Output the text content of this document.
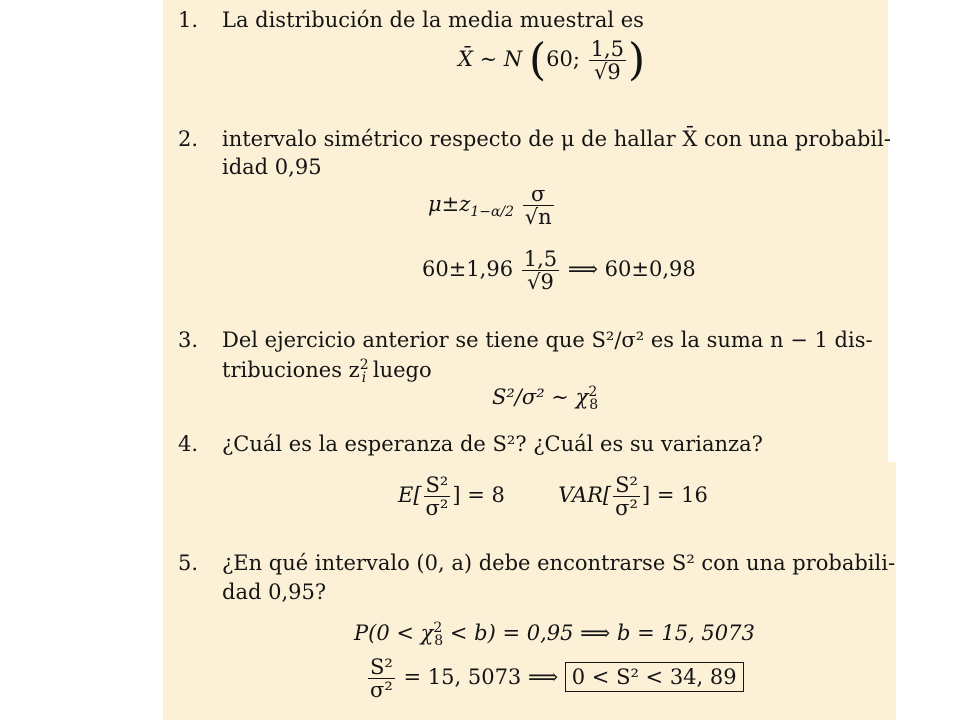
1. La distribución de la media muestral es
X̄ ∼ N (60; $\frac{1,5}{√9}$ )
2. intervalo simétrico respecto de μ de hallar X̄ con una probabil-
idad 0,95
$\mu\pm z_{1-\alpha/2} \frac{\sigma}{√n}$
$60\pm 1,96 \frac{1,5}{√9}$ ⟹ 60±0,98
3. Del ejercicio anterior se tiene que S²/σ² es la suma n − 1 dis-
tribuciones $z^2_i$ luego
S²/σ² ∼ $\chi^2_8$
4. ¿Cuál es la esperanza de S²? ¿Cuál es su varianza?
$E[ \frac{\text{S²}}{\text{σ²}}$ ] = 8	$VAR[ \frac{\text{S²}}{\text{σ²}}$ ] = 16
5. ¿En qué intervalo (0, a) debe encontrarse S² con una probabili-
dad 0,95?
$P(0 < \chi^2_8 < b) = 0,95$ ⟹ b = 15, 5073
$\frac{\text{S²}}{\text{σ²}} = 15$, 5073 ⟹ 0 < S² < 34, 89
